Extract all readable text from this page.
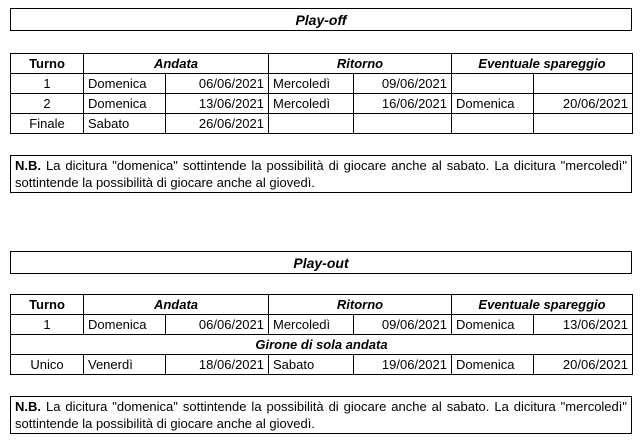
Play-off
Turno	Andata		Ritorno		Eventuale spareggio	
1	Domenica	06/06/2021	Mercoledì	09/06/2021		
2	Domenica	13/06/2021	Mercoledì	16/06/2021	Domenica	20/06/2021
Finale	Sabato	26/06/2021				
N.B. La dicitura "domenica" sottintende la possibilità di giocare anche al sabato. La dicitura "mercoledì" sottintende la possibilità di giocare anche al giovedì.
Play-out
Turno	Andata		Ritorno		Eventuale spareggio	
1	Domenica	06/06/2021	Mercoledì	09/06/2021	Domenica	13/06/2021
Girone di sola andata						
Unico	Venerdì	18/06/2021	Sabato	19/06/2021	Domenica	20/06/2021
N.B. La dicitura "domenica" sottintende la possibilità di giocare anche al sabato. La dicitura "mercoledì" sottintende la possibilità di giocare anche al giovedì.
